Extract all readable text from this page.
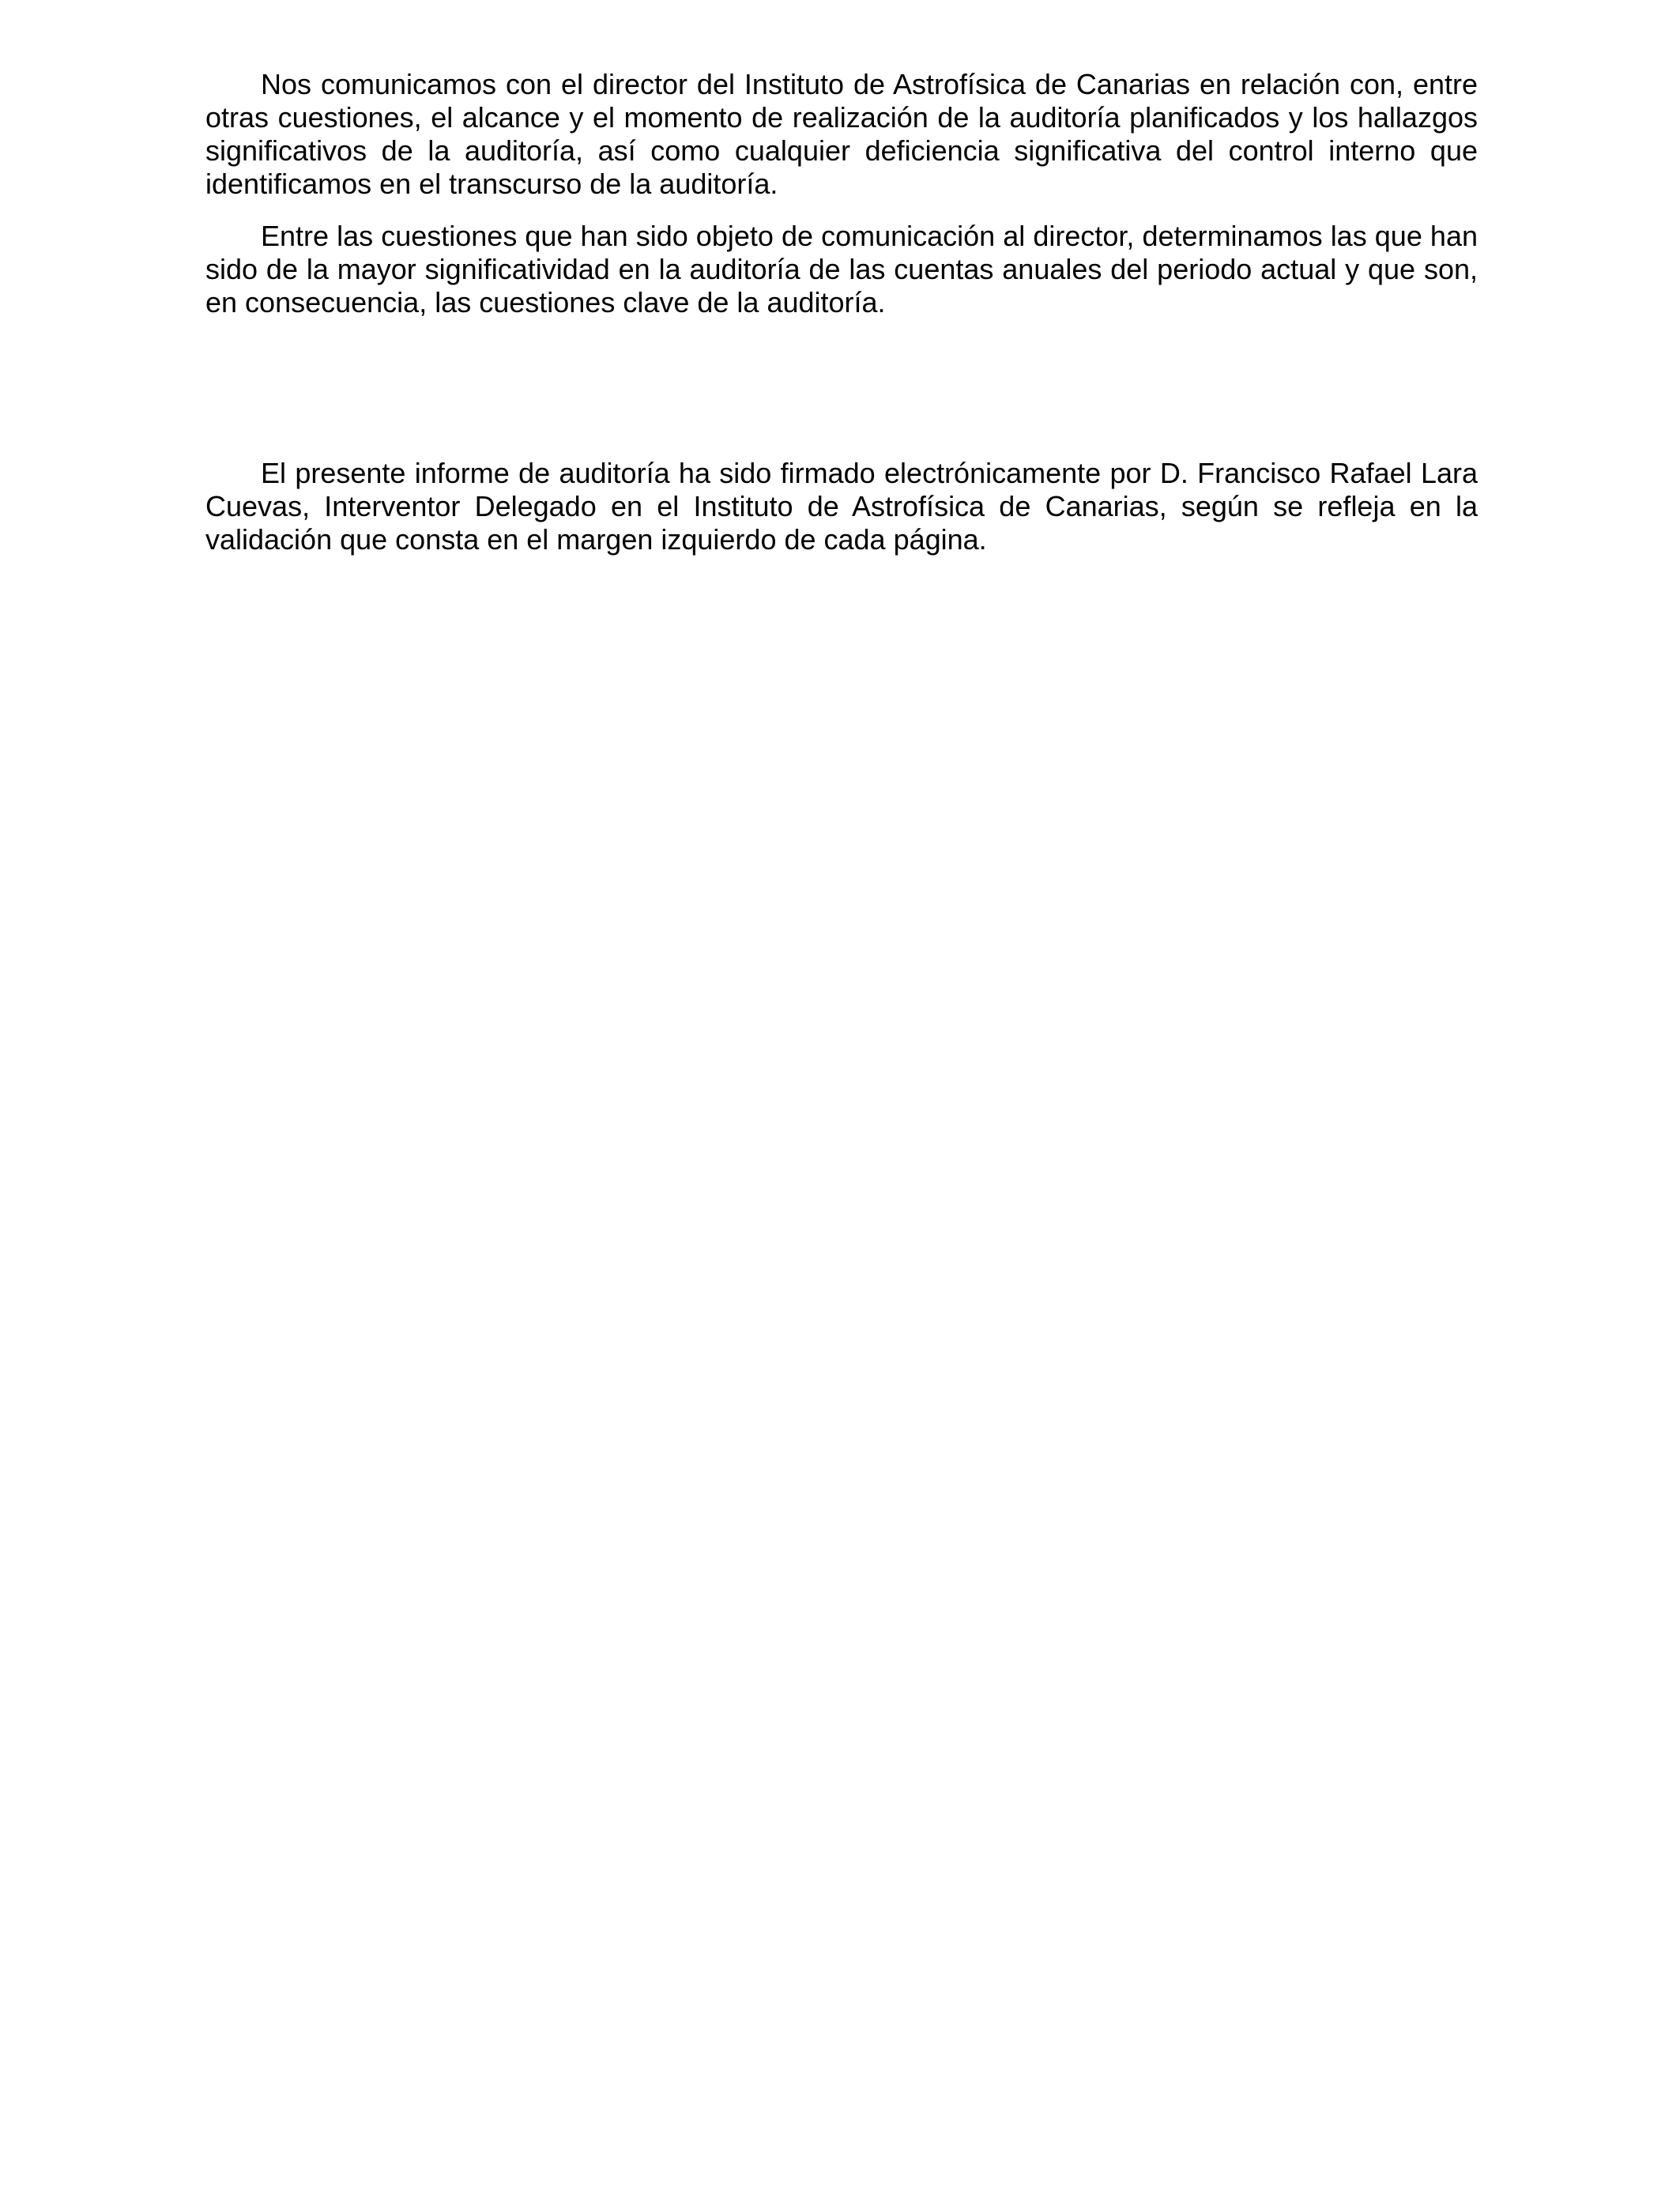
Nos comunicamos con el director del Instituto de Astrofísica de Canarias en relación con, entre otras cuestiones, el alcance y el momento de realización de la auditoría planificados y los hallazgos significativos de la auditoría, así como cualquier deficiencia significativa del control interno que identificamos en el transcurso de la auditoría.

Entre las cuestiones que han sido objeto de comunicación al director, determinamos las que han sido de la mayor significatividad en la auditoría de las cuentas anuales del periodo actual y que son, en consecuencia, las cuestiones clave de la auditoría.

El presente informe de auditoría ha sido firmado electrónicamente por D. Francisco Rafael Lara Cuevas, Interventor Delegado en el Instituto de Astrofísica de Canarias, según se refleja en la validación que consta en el margen izquierdo de cada página.
